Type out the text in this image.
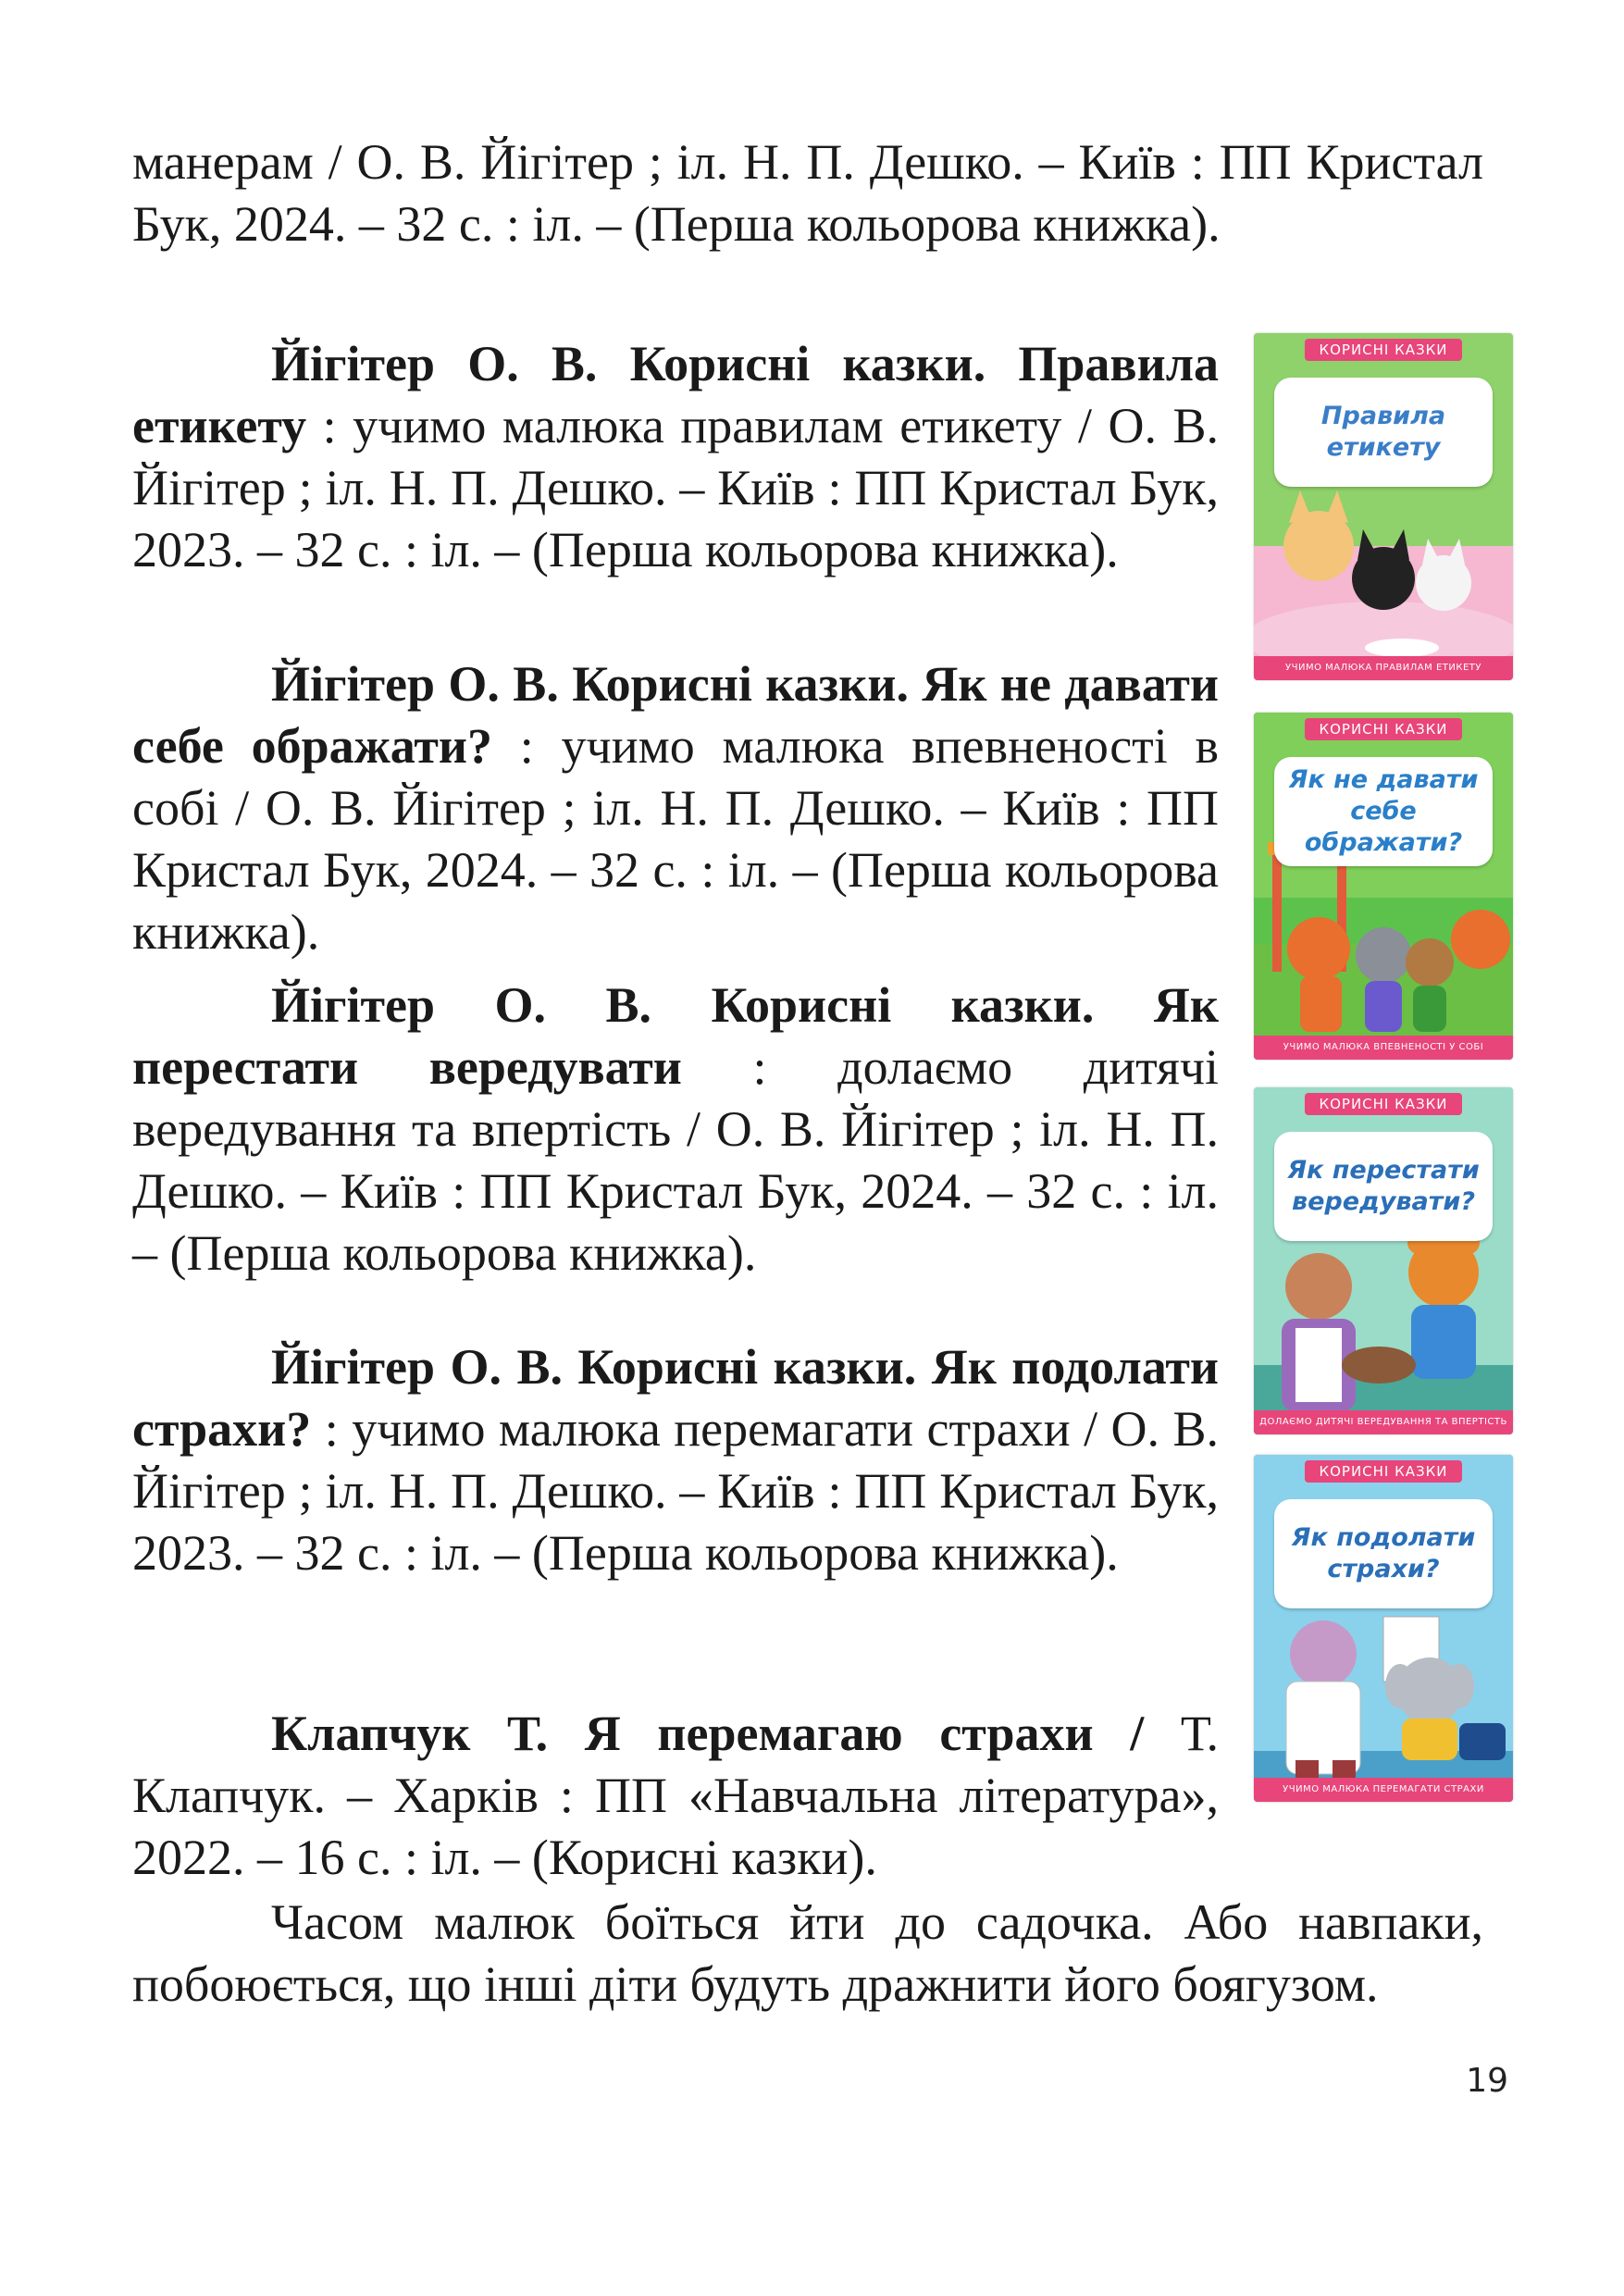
манерам / О. В. Йігітер ; іл. Н. П. Дешко. – Київ : ПП Кристал Бук, 2024. – 32 с. : іл. – (Перша кольорова книжка).

Йігітер О. В. Корисні казки. Правила етикету : учимо малюка правилам етикету / О. В. Йігітер ; іл. Н. П. Дешко. – Київ : ПП Кристал Бук, 2023. – 32 с. : іл. – (Перша кольорова книжка).

Йігітер О. В. Корисні казки. Як не давати себе ображати? : учимо малюка впевненості в собі / О. В. Йігітер ; іл. Н. П. Дешко. – Київ : ПП Кристал Бук, 2024. – 32 с. : іл. – (Перша кольорова книжка).

Йігітер О. В. Корисні казки. Як перестати вередувати : долаємо дитячі вередування та впертість / О. В. Йігітер ; іл. Н. П. Дешко. – Київ : ПП Кристал Бук, 2024. – 32 с. : іл. – (Перша кольорова книжка).

Йігітер О. В. Корисні казки. Як подолати страхи? : учимо малюка перемагати страхи / О. В. Йігітер ; іл. Н. П. Дешко. – Київ : ПП Кристал Бук, 2023. – 32 с. : іл. – (Перша кольорова книжка).

Клапчук Т. Я перемагаю страхи / Т. Клапчук. – Харків : ПП «Навчальна література», 2022. – 16 с. : іл. – (Корисні казки).

Часом малюк боїться йти до садочка. Або навпаки, побоюється, що інші діти будуть дражнити його боягузом.

19
КОРИСНІ КАЗКИ
Правила етикету
УЧИМО МАЛЮКА ПРАВИЛАМ ЕТИКЕТУ
КОРИСНІ КАЗКИ
Як не давати себе ображати?
УЧИМО МАЛЮКА ВПЕВНЕНОСТІ У СОБІ
КОРИСНІ КАЗКИ
Як перестати вередувати?
ДОЛАЄМО ДИТЯЧІ ВЕРЕДУВАННЯ ТА ВПЕРТІСТЬ
КОРИСНІ КАЗКИ
Як подолати страхи?
УЧИМО МАЛЮКА ПЕРЕМАГАТИ СТРАХИ
